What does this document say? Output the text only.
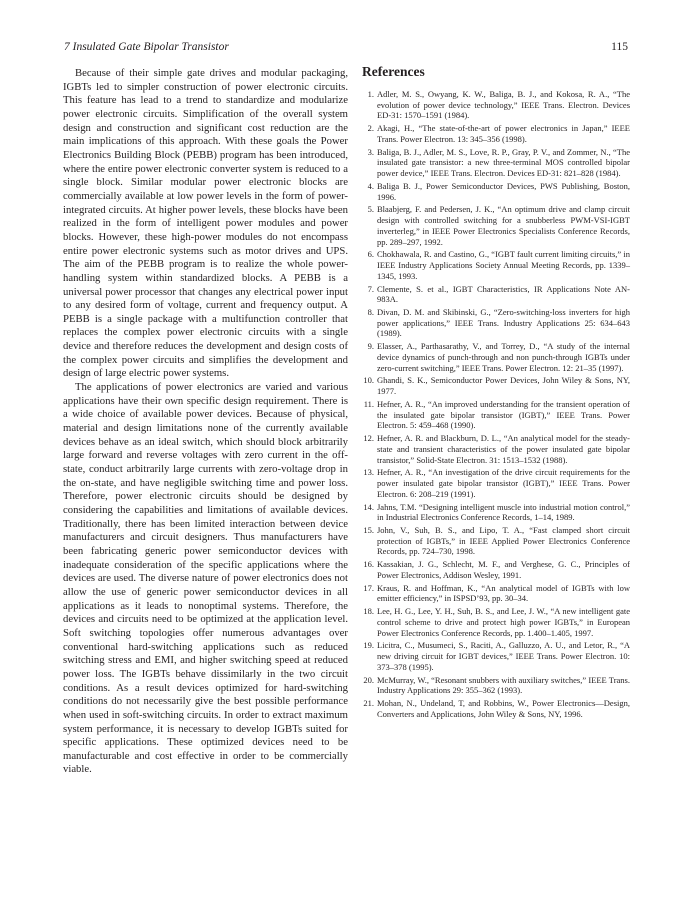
7 Insulated Gate Bipolar Transistor	115

Because of their simple gate drives and modular packaging, IGBTs led to simpler construction of power electronic circuits. This feature has lead to a trend to standardize and modularize power electronic circuits. Simplification of the overall system design and construction and significant cost reduction are the main implications of this approach. With these goals the Power Electronics Building Block (PEBB) program has been introduced, where the entire power electronic converter system is reduced to a single block. Similar modular power electronic blocks are commercially available at low power levels in the form of power-integrated circuits. At higher power levels, these blocks have been realized in the form of intelligent power modules and power blocks. However, these high-power modules do not encompass entire power electronic systems such as motor drives and UPS. The aim of the PEBB program is to realize the whole power-handling system within standardized blocks. A PEBB is a universal power processor that changes any electrical power input to any desired form of voltage, current and frequency output. A PEBB is a single package with a multifunction controller that replaces the complex power electronic circuits with a single device and therefore reduces the development and design costs of the complex power circuits and simplifies the development and design of large electric power systems.

The applications of power electronics are varied and various applications have their own specific design requirement. There is a wide choice of available power devices. Because of physical, material and design limitations none of the currently available devices behave as an ideal switch, which should block arbitrarily large forward and reverse voltages with zero current in the off-state, conduct arbitrarily large currents with zero-voltage drop in the on-state, and have negligible switching time and power loss. Therefore, power electronic circuits should be designed by considering the capabilities and limitations of available devices. Traditionally, there has been limited interaction between device manufacturers and circuit designers. Thus manufacturers have been fabricating generic power semiconductor devices with inadequate consideration of the specific applications where the devices are used. The diverse nature of power electronics does not allow the use of generic power semiconductor devices in all applications as it leads to nonoptimal systems. Therefore, the devices and circuits need to be optimized at the application level. Soft switching topologies offer numerous advantages over conventional hard-switching applications such as reduced switching stress and EMI, and higher switching speed at reduced power loss. The IGBTs behave dissimilarly in the two circuit conditions. As a result devices optimized for hard-switching conditions do not necessarily give the best possible performance when used in soft-switching circuits. In order to extract maximum system performance, it is necessary to develop IGBTs suited for specific applications. These optimized devices need to be manufacturable and cost effective in order to be commercially viable.

References
1 . Adler, M. S., Owyang, K. W., Baliga, B. J., and Kokosa, R. A., “The evolution of power device technology,” IEEE Trans. Electron. Devices ED-31: 1570–1591 (1984).
2 . Akagi, H., “The state-of-the-art of power electronics in Japan,” IEEE Trans. Power Electron. 13: 345–356 (1998).
3 . Baliga, B. J., Adler, M. S., Love, R. P., Gray, P. V., and Zommer, N., “The insulated gate transistor: a new three-terminal MOS controlled bipolar power device,” IEEE Trans. Electron. Devices ED-31: 821–828 (1984).
4 . Baliga B. J., Power Semiconductor Devices, PWS Publishing, Boston, 1996.
5 . Blaabjerg, F. and Pedersen, J. K., “An optimum drive and clamp circuit design with controlled switching for a snubberless PWM-VSI-IGBT inverterleg,” in IEEE Power Electronics Specialists Conference Records, pp. 289–297, 1992.
6 . Chokhawala, R. and Castino, G., “IGBT fault current limiting circuits,” in IEEE Industry Applications Society Annual Meeting Records, pp. 1339–1345, 1993.
7 . Clemente, S. et al., IGBT Characteristics, IR Applications Note AN-983A.
8 . Divan, D. M. and Skibinski, G., “Zero-switching-loss inverters for high power applications,” IEEE Trans. Industry Applications 25: 634–643 (1989).
9 . Elasser, A., Parthasarathy, V., and Torrey, D., “A study of the internal device dynamics of punch-through and non punch-through IGBTs under zero-current switching,” IEEE Trans. Power Electron. 12: 21–35 (1997).
10 . Ghandi, S. K., Semiconductor Power Devices, John Wiley & Sons, NY, 1977.
11 . Hefner, A. R., “An improved understanding for the transient operation of the insulated gate bipolar transistor (IGBT),” IEEE Trans. Power Electron. 5: 459–468 (1990).
12 . Hefner, A. R. and Blackburn, D. L., “An analytical model for the steady-state and transient characteristics of the power insulated gate bipolar transistor,” Solid-State Electron. 31: 1513–1532 (1988).
13 . Hefner, A. R., “An investigation of the drive circuit requirements for the power insulated gate bipolar transistor (IGBT),” IEEE Trans. Power Electron. 6: 208–219 (1991).
14 . Jahns, T.M. “Designing intelligent muscle into industrial motion control,” in Industrial Electronics Conference Records, 1–14, 1989.
15 . John, V., Suh, B. S., and Lipo, T. A., “Fast clamped short circuit protection of IGBTs,” in IEEE Applied Power Electronics Conference Records, pp. 724–730, 1998.
16 . Kassakian, J. G., Schlecht, M. F., and Verghese, G. C., Principles of Power Electronics, Addison Wesley, 1991.
17 . Kraus, R. and Hoffman, K., “An analytical model of IGBTs with low emitter efficiency,” in ISPSD’93, pp. 30–34.
18 . Lee, H. G., Lee, Y. H., Suh, B. S., and Lee, J. W., “A new intelligent gate control scheme to drive and protect high power IGBTs,” in European Power Electronics Conference Records, pp. 1.400–1.405, 1997.
19 . Licitra, C., Musumeci, S., Raciti, A., Galluzzo, A. U., and Letor, R., “A new driving circuit for IGBT devices,” IEEE Trans. Power Electron. 10: 373–378 (1995).
20 . McMurray, W., “Resonant snubbers with auxiliary switches,” IEEE Trans. Industry Applications 29: 355–362 (1993).
21 . Mohan, N., Undeland, T, and Robbins, W., Power Electronics—Design, Converters and Applications, John Wiley & Sons, NY, 1996.
